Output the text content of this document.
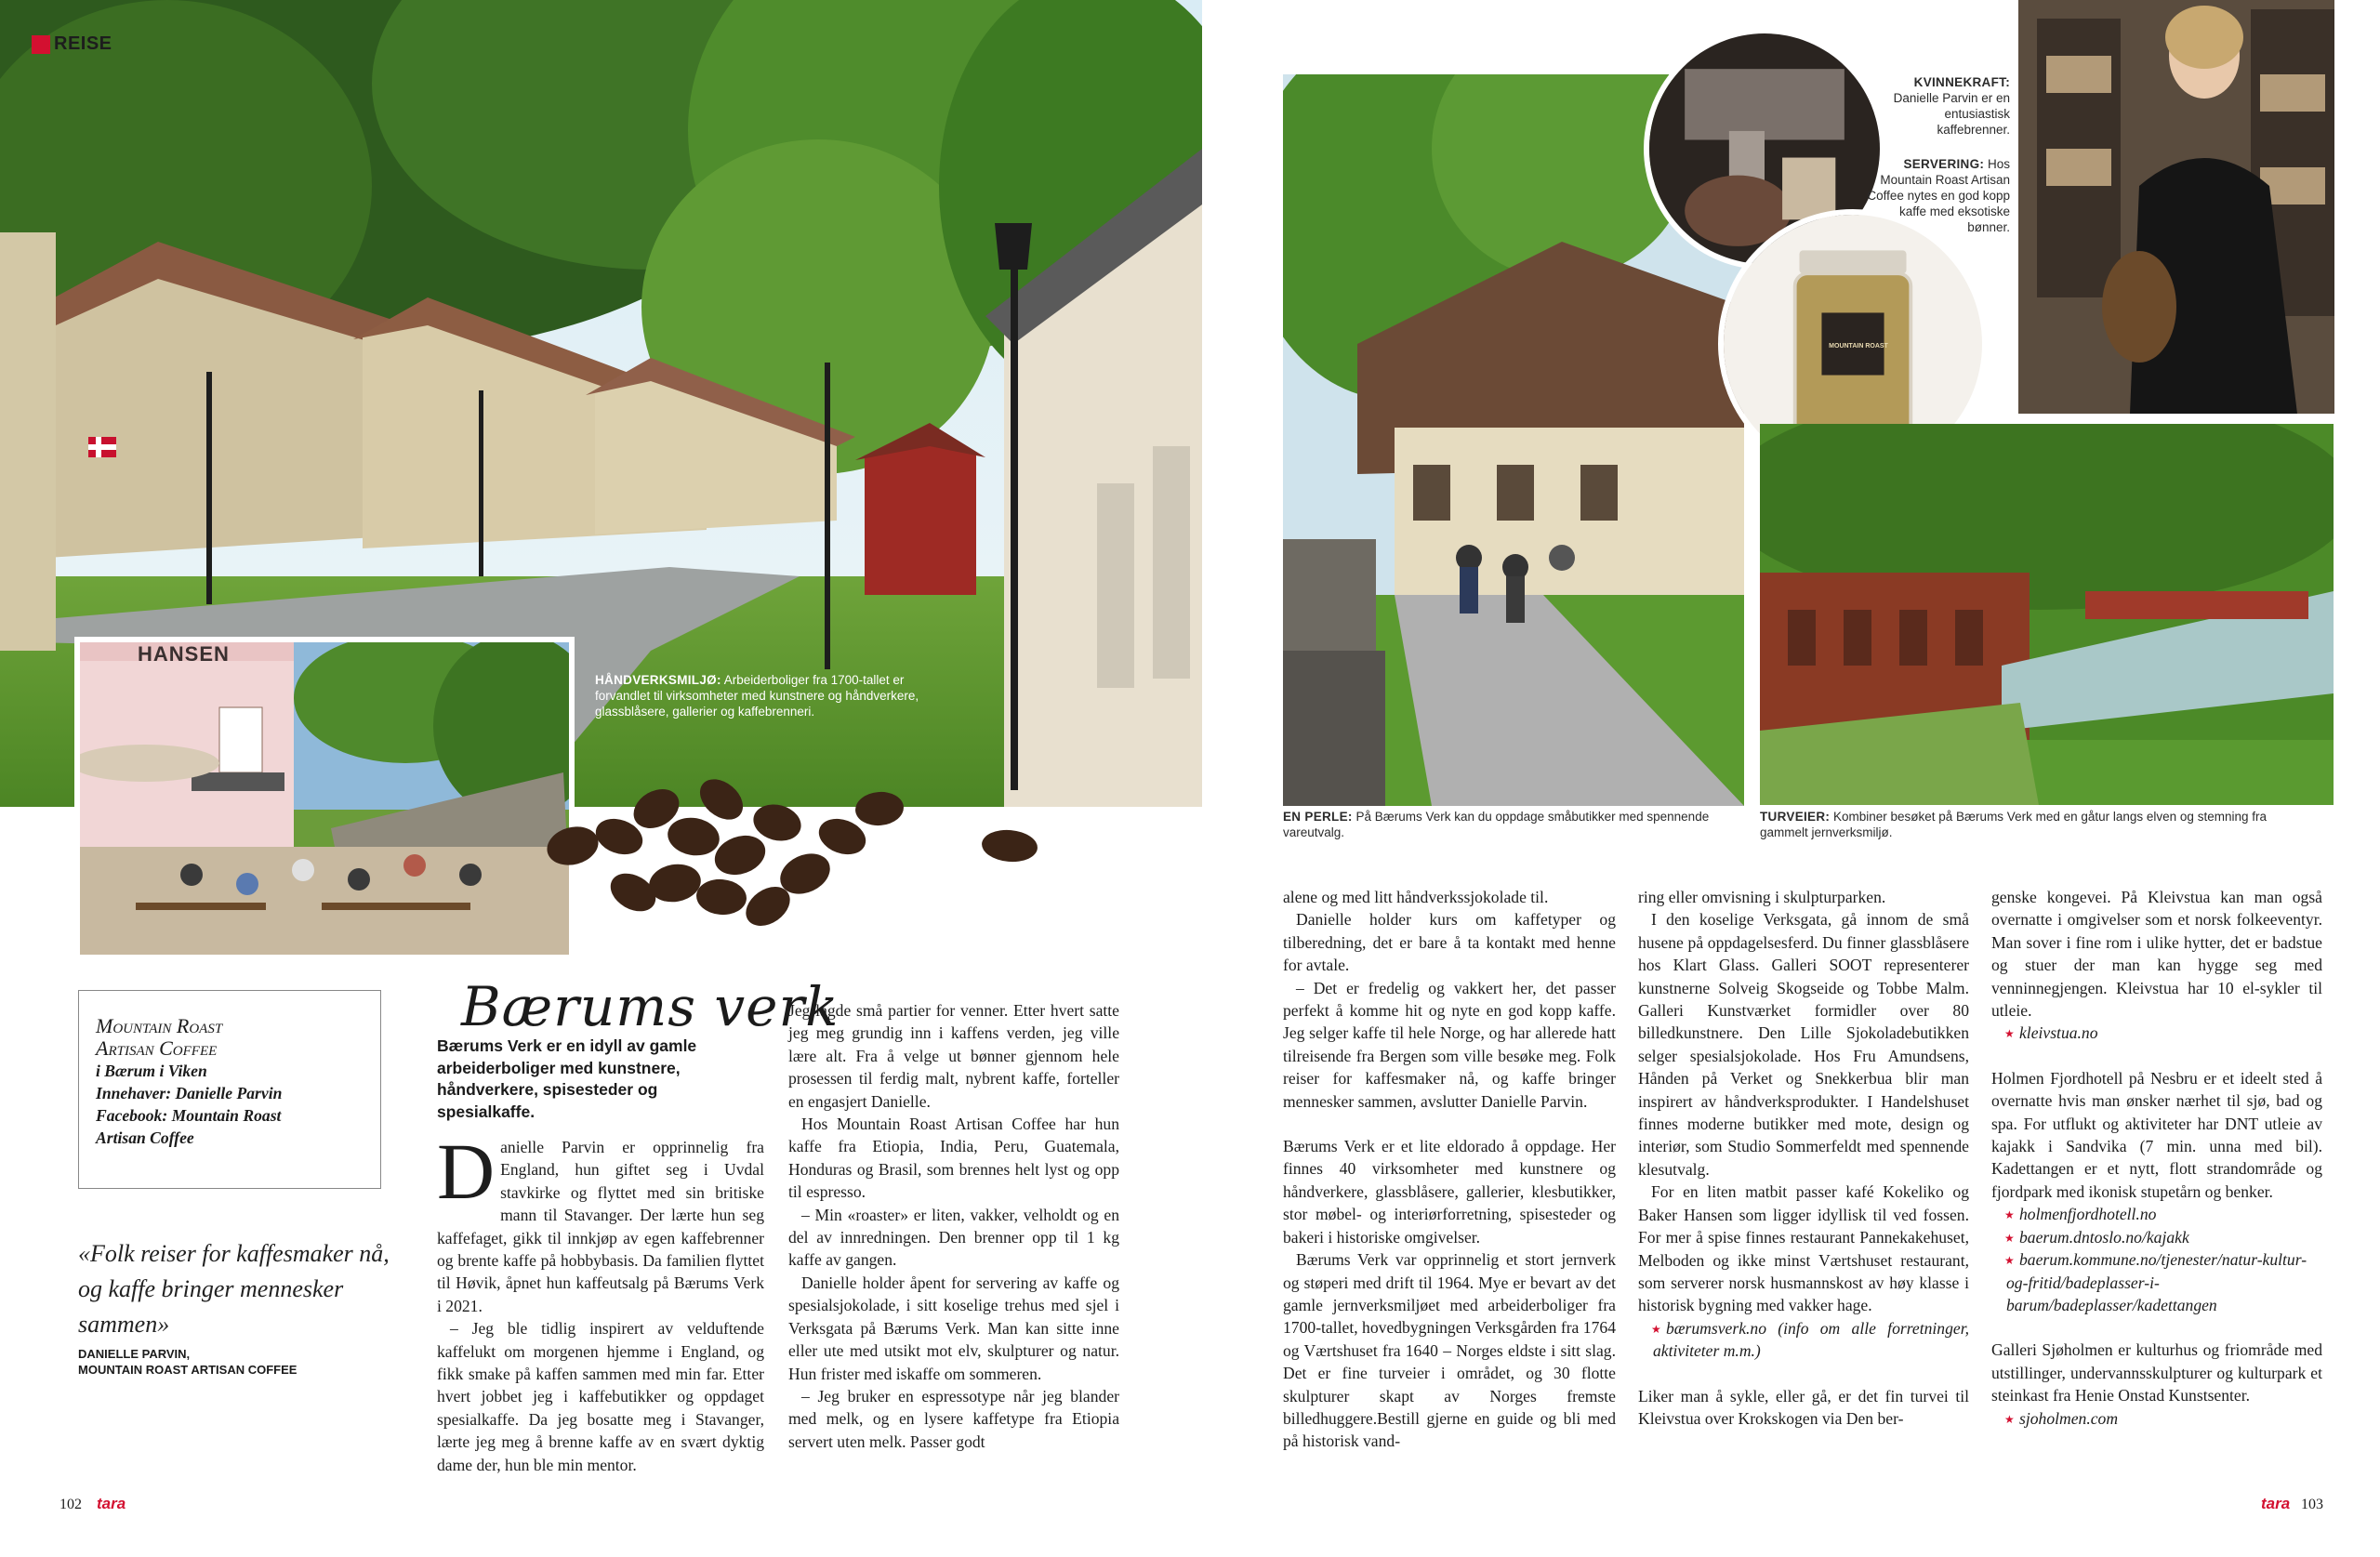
REISE
HANSEN
HÅNDVERKSMILJØ: Arbeiderboliger fra 1700-tallet er forvandlet til virksomheter med kunstnere og håndverkere, glassblåsere, gallerier og kaffebrenneri.
Mountain Roast
Artisan Coffee
i Bærum i Viken
Innehaver: Danielle Parvin
Facebook: Mountain Roast
Artisan Coffee
«Folk reiser for kaffesmaker nå, og kaffe bringer mennesker sammen»
DANIELLE PARVIN,
MOUNTAIN ROAST ARTISAN COFFEE
Bærums verk
Bærums Verk er en idyll av gamle arbeiderboliger med kunstnere, håndverkere, spisesteder og spesialkaffe.

Danielle Parvin er opprinnelig fra England, hun giftet seg i Uvdal stavkirke og flyttet med sin britiske mann til Stavanger. Der lærte hun seg kaffefaget, gikk til innkjøp av egen kaffebrenner og brente kaffe på hobbybasis. Da familien flyttet til Høvik, åpnet hun kaffeutsalg på Bærums Verk i 2021.

– Jeg ble tidlig inspirert av velduftende kaffelukt om morgenen hjemme i England, og fikk smake på kaffen sammen med min far. Etter hvert jobbet jeg i kaffebutikker og oppdaget spesialkaffe. Da jeg bosatte meg i Stavanger, lærte jeg meg å brenne kaffe av en svært dyktig dame der, hun ble min mentor.

Jeg lagde små partier for venner. Etter hvert satte jeg meg grundig inn i kaffens verden, jeg ville lære alt. Fra å velge ut bønner gjennom hele prosessen til ferdig malt, nybrent kaffe, forteller en engasjert Danielle.

Hos Mountain Roast Artisan Coffee har hun kaffe fra Etiopia, India, Peru, Guatemala, Honduras og Brasil, som brennes helt lyst og opp til espresso.

– Min «roaster» er liten, vakker, velholdt og en del av innredningen. Den brenner opp til 1 kg kaffe av gangen.

Danielle holder åpent for servering av kaffe og spesialsjokolade, i sitt koselige trehus med sjel i Verksgata på Bærums Verk. Man kan sitte inne eller ute med utsikt mot elv, skulpturer og natur. Hun frister med iskaffe om sommeren.

– Jeg bruker en espressotype når jeg blander med melk, og en lysere kaffetype fra Etiopia servert uten melk. Passer godt

102 tara
MOUNTAIN ROAST
KVINNEKRAFT: Danielle Parvin er en entusiastisk kaffebrenner.
SERVERING: Hos Mountain Roast Artisan Coffee nytes en god kopp kaffe med eksotiske bønner.
EN PERLE: På Bærums Verk kan du oppdage småbutikker med spennende vareutvalg.
TURVEIER: Kombiner besøket på Bærums Verk med en gåtur langs elven og stemning fra gammelt jernverksmiljø.

alene og med litt håndverkssjokolade til.

Danielle holder kurs om kaffetyper og tilberedning, det er bare å ta kontakt med henne for avtale.

– Det er fredelig og vakkert her, det passer perfekt å komme hit og nyte en god kopp kaffe. Jeg selger kaffe til hele Norge, og har allerede hatt tilreisende fra Bergen som ville besøke meg. Folk reiser for kaffesmaker nå, og kaffe bringer mennesker sammen, avslutter Danielle Parvin.

Bærums Verk er et lite eldorado å oppdage. Her finnes 40 virksomheter med kunstnere og håndverkere, glassblåsere, gallerier, klesbutikker, stor møbel- og interiørforretning, spisesteder og bakeri i historiske omgivelser.

Bærums Verk var opprinnelig et stort jernverk og støperi med drift til 1964. Mye er bevart av det gamle jernverksmiljøet med arbeiderboliger fra 1700-tallet, hovedbygningen Verksgården fra 1764 og Værtshuset fra 1640 – Norges eldste i sitt slag. Det er fine turveier i området, og 30 flotte skulpturer skapt av Norges fremste billedhuggere.Bestill gjerne en guide og bli med på historisk vand-

ring eller omvisning i skulpturparken.

I den koselige Verksgata, gå innom de små husene på oppdagelsesferd. Du finner glassblåsere hos Klart Glass. Galleri SOOT representerer kunstnerne Solveig Skogseide og Tobbe Malm. Galleri Kunstværket formidler over 80 billedkunstnere. Den Lille Sjokoladebutikken selger spesialsjokolade. Hos Fru Amundsens, Hånden på Verket og Snekkerbua blir man inspirert av håndverksprodukter. I Handelshuset finnes moderne butikker med mote, design og interiør, som Studio Sommerfeldt med spennende klesutvalg.

For en liten matbit passer kafé Kokeliko og Baker Hansen som ligger idyllisk til ved fossen. For mer å spise finnes restaurant Pannekakehuset, Melboden og ikke minst Værtshuset restaurant, som serverer norsk husmannskost av høy klasse i historisk bygning med vakker hage.

★ bærumsverk.no (info om alle forretninger, aktiviteter m.m.)

Liker man å sykle, eller gå, er det fin turvei til Kleivstua over Krokskogen via Den ber-

genske kongevei. På Kleivstua kan man også overnatte i omgivelser som et norsk folkeeventyr. Man sover i fine rom i ulike hytter, det er badstue og stuer der man kan hygge seg med venninnegjengen. Kleivstua har 10 el-sykler til utleie.

★ kleivstua.no

Holmen Fjordhotell på Nesbru er et ideelt sted å overnatte hvis man ønsker nærhet til sjø, bad og spa. For utflukt og aktiviteter har DNT utleie av kajakk i Sandvika (7 min. unna med bil). Kadettangen er et nytt, flott strandområde og fjordpark med ikonisk stupetårn og benker.

★ holmenfjordhotell.no

★ baerum.dntoslo.no/kajakk

★ baerum.kommune.no/tjenester/natur-kultur-og-fritid/badeplasser-i-barum/badeplasser/kadettangen

Galleri Sjøholmen er kulturhus og friområde med utstillinger, undervannsskulpturer og kulturpark et steinkast fra Henie Onstad Kunstsenter.

★ sjoholmen.com

tara 103
